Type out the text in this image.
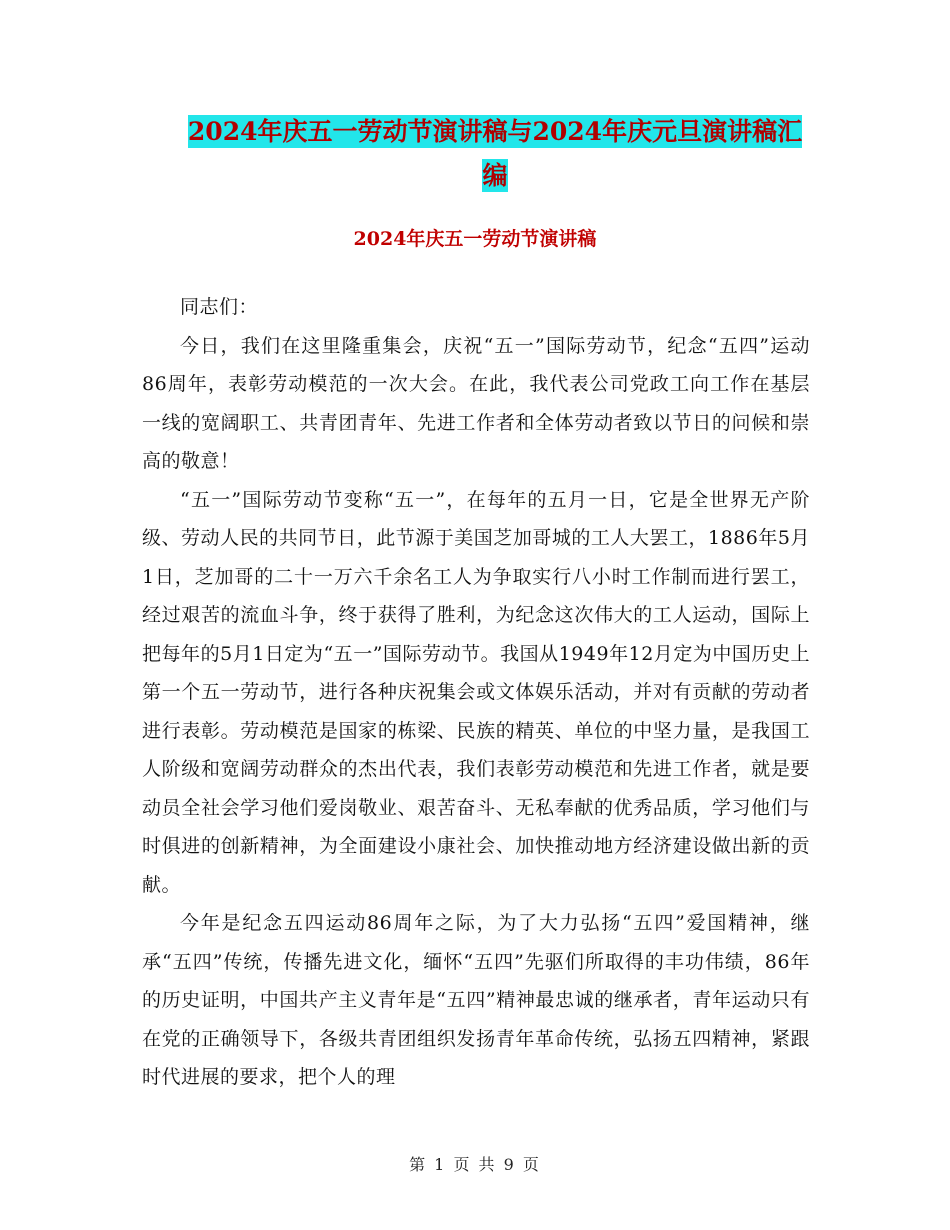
2024年庆五一劳动节演讲稿与2024年庆元旦演讲稿汇
编
2024年庆五一劳动节演讲稿

同志们：

今日，我们在这里隆重集会，庆祝“五一”国际劳动节，纪念“五四”运动86周年，表彰劳动模范的一次大会。在此，我代表公司党政工向工作在基层一线的宽阔职工、共青团青年、先进工作者和全体劳动者致以节日的问候和崇高的敬意！

“五一”国际劳动节变称“五一”，在每年的五月一日，它是全世界无产阶级、劳动人民的共同节日，此节源于美国芝加哥城的工人大罢工，1886年5月1日，芝加哥的二十一万六千余名工人为争取实行八小时工作制而进行罢工，经过艰苦的流血斗争，终于获得了胜利，为纪念这次伟大的工人运动，国际上把每年的5月1日定为“五一”国际劳动节。我国从1949年12月定为中国历史上第一个五一劳动节，进行各种庆祝集会或文体娱乐活动，并对有贡献的劳动者进行表彰。劳动模范是国家的栋梁、民族的精英、单位的中坚力量，是我国工人阶级和宽阔劳动群众的杰出代表，我们表彰劳动模范和先进工作者，就是要动员全社会学习他们爱岗敬业、艰苦奋斗、无私奉献的优秀品质，学习他们与时俱进的创新精神，为全面建设小康社会、加快推动地方经济建设做出新的贡献。

今年是纪念五四运动86周年之际，为了大力弘扬“五四”爱国精神，继承“五四”传统，传播先进文化，缅怀“五四”先驱们所取得的丰功伟绩，86年的历史证明，中国共产主义青年是“五四”精神最忠诚的继承者，青年运动只有在党的正确领导下，各级共青团组织发扬青年革命传统，弘扬五四精神，紧跟时代进展的要求，把个人的理

第 1 页 共 9 页
